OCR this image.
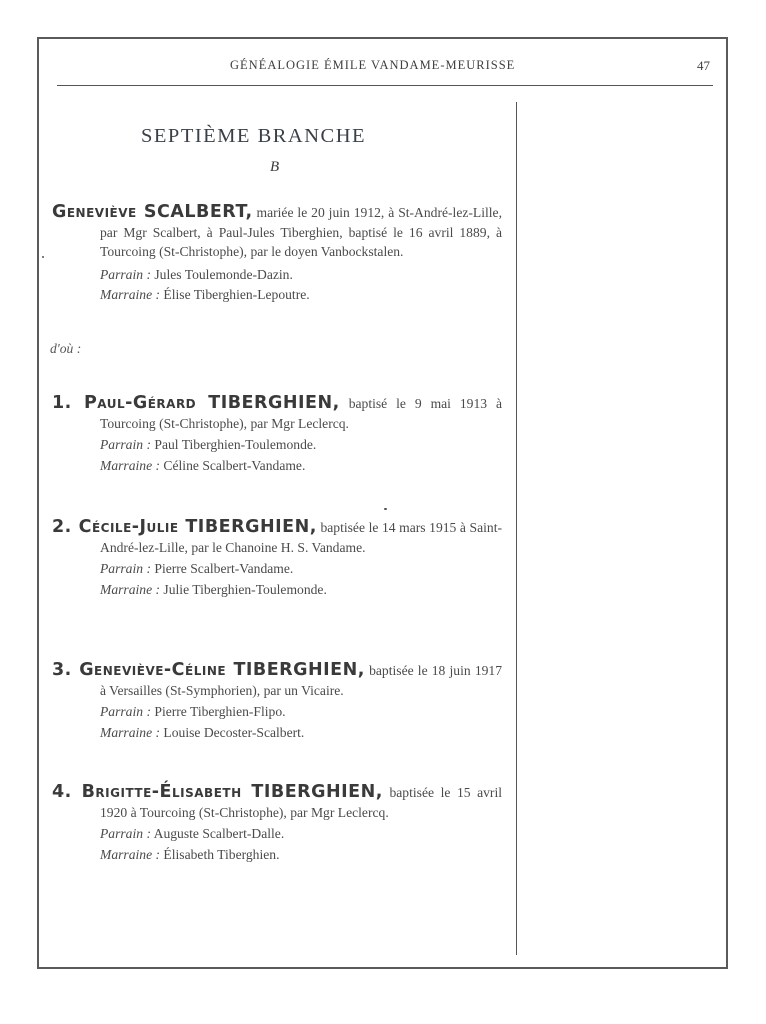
GÉNÉALOGIE ÉMILE VANDAME-MEURISSE	47
SEPTIÈME BRANCHE
B

Geneviève SCALBERT, mariée le 20 juin 1912, à St-André-lez-Lille, par Mgr Scalbert, à Paul-Jules Tiberghien, baptisé le 16 avril 1889, à Tourcoing (St-Christophe), par le doyen Vanbockstalen.

Parrain : Jules Toulemonde-Dazin.

Marraine : Élise Tiberghien-Lepoutre.

d'où :

1. Paul-Gérard TIBERGHIEN, baptisé le 9 mai 1913 à Tourcoing (St-Christophe), par Mgr Leclercq.

Parrain : Paul Tiberghien-Toulemonde.

Marraine : Céline Scalbert-Vandame.

2. Cécile-Julie TIBERGHIEN, baptisée le 14 mars 1915 à Saint-André-lez-Lille, par le Chanoine H. S. Vandame.

Parrain : Pierre Scalbert-Vandame.

Marraine : Julie Tiberghien-Toulemonde.

3. Geneviève-Céline TIBERGHIEN, baptisée le 18 juin 1917 à Versailles (St-Symphorien), par un Vicaire.

Parrain : Pierre Tiberghien-Flipo.

Marraine : Louise Decoster-Scalbert.

4. Brigitte-Élisabeth TIBERGHIEN, baptisée le 15 avril 1920 à Tourcoing (St-Christophe), par Mgr Leclercq.

Parrain : Auguste Scalbert-Dalle.

Marraine : Élisabeth Tiberghien.
